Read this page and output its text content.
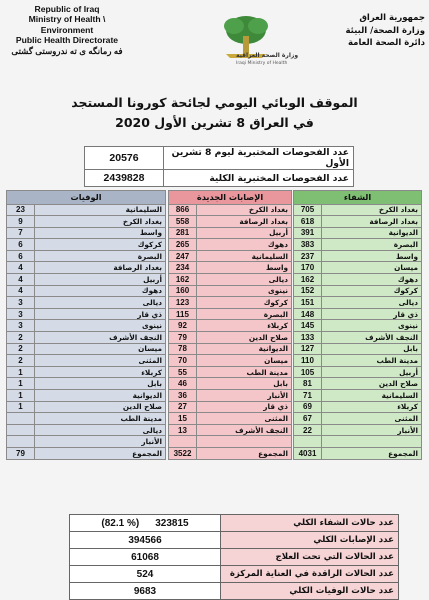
Republic of Iraq
Ministry of Health \ Environment
Public Health Directorate
فه رمانگه ى ته ندروستى گشتى	وزارة الصحة العراقية
Iraqi Ministry of Health
جمهورية العراق
وزارة الصحة/ البيئة
دائرة الصحة العامة
الموقف الوبائي اليومي لجائحة كورونا المستجد
في العراق 8 تشرين الأول 2020
20576	عدد الفحوصات المختبرية ليوم 8 تشرين الأول
2439828	عدد الفحوصات المختبرية الكلية
الشفاء	
705	بغداد الكرخ
618	بغداد الرصافة
391	الديوانية
383	البصرة
237	واسط
170	ميسان
162	دهوك
152	كركوك
151	ديالى
148	ذي قار
145	نينوى
133	النجف الأشرف
127	بابل
110	مدينة الطب
105	أربيل
81	صلاح الدين
71	السليمانية
69	كربلاء
67	المثنى
22	الأنبار

4031	المجموع
الإصابات الجديدة	
866	بغداد الكرخ
558	بغداد الرصافة
281	أربيل
265	دهوك
247	السليمانية
234	واسط
162	ديالى
160	نينوى
123	كركوك
115	البصرة
92	كربلاء
79	صلاح الدين
78	الديوانية
70	ميسان
55	مدينة الطب
46	بابل
36	الأنبار
27	ذي قار
15	المثنى
13	النجف الأشرف

3522	المجموع
الوفيات	
23	السليمانية
9	بغداد الكرخ
7	واسط
6	كركوك
6	البصرة
4	بغداد الرصافة
4	أربيل
4	دهوك
3	ديالى
3	ذي قار
3	نينوى
2	النجف الأشرف
2	ميسان
2	المثنى
1	كربلاء
1	بابل
1	الديوانية
1	صلاح الدين
	مدينة الطب
	ديالى
	الأنبار
79	المجموع
(82.1 %) 323815	عدد حالات الشفاء الكلي
394566	عدد الإصابات الكلي
61068	عدد الحالات التي تحت العلاج
524	عدد الحالات الراقدة في العناية المركزة
9683	عدد حالات الوفيات الكلي
